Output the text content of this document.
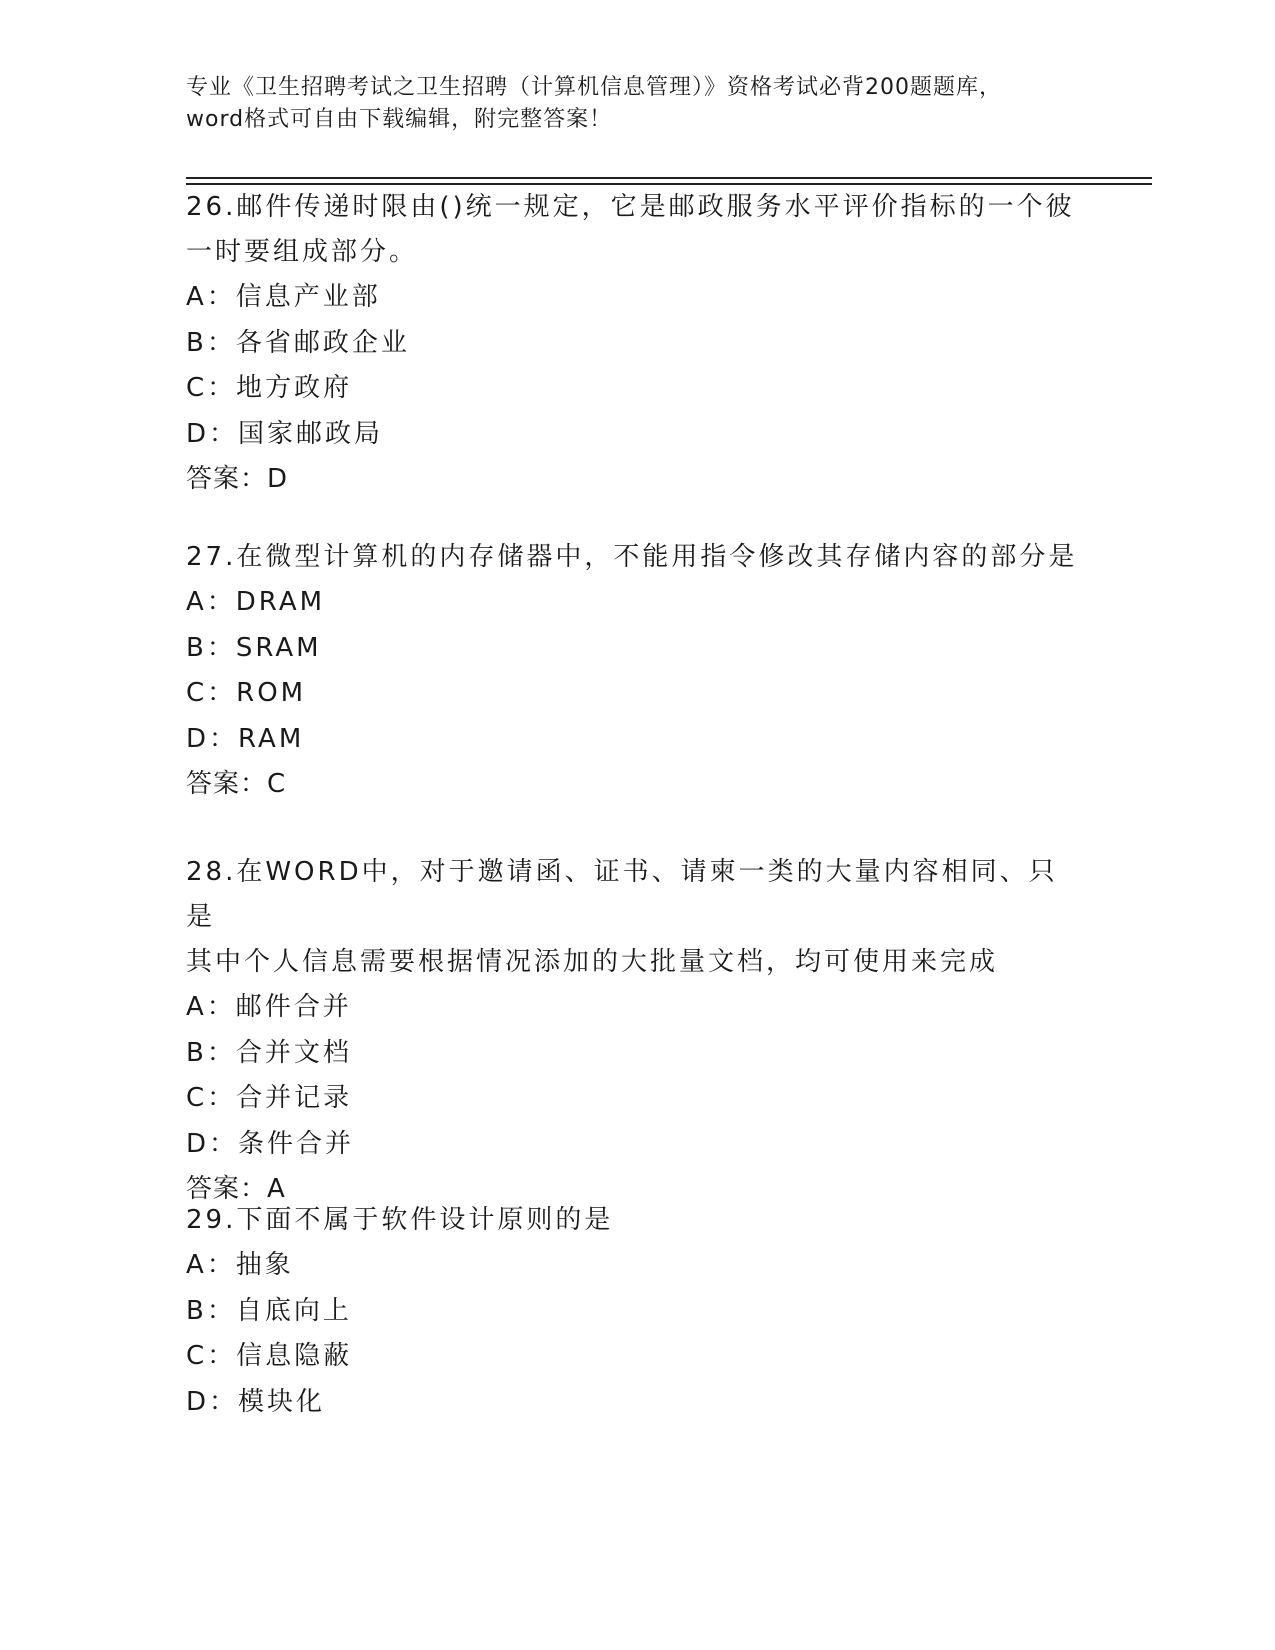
专业《卫生招聘考试之卫生招聘（计算机信息管理）》资格考试必背200题题库，
word格式可自由下载编辑，附完整答案！
26.邮件传递时限由()统一规定，它是邮政服务水平评价指标的一个彼
一时要组成部分。
A：信息产业部
B：各省邮政企业
C：地方政府
D：国家邮政局
答案：D
27.在微型计算机的内存储器中，不能用指令修改其存储内容的部分是
A：DRAM
B：SRAM
C：ROM
D：RAM
答案：C
28.在WORD中，对于邀请函、证书、请柬一类的大量内容相同、只是
其中个人信息需要根据情况添加的大批量文档，均可使用来完成
A：邮件合并
B：合并文档
C：合并记录
D：条件合并
答案：A
29.下面不属于软件设计原则的是
A：抽象
B：自底向上
C：信息隐蔽
D：模块化
